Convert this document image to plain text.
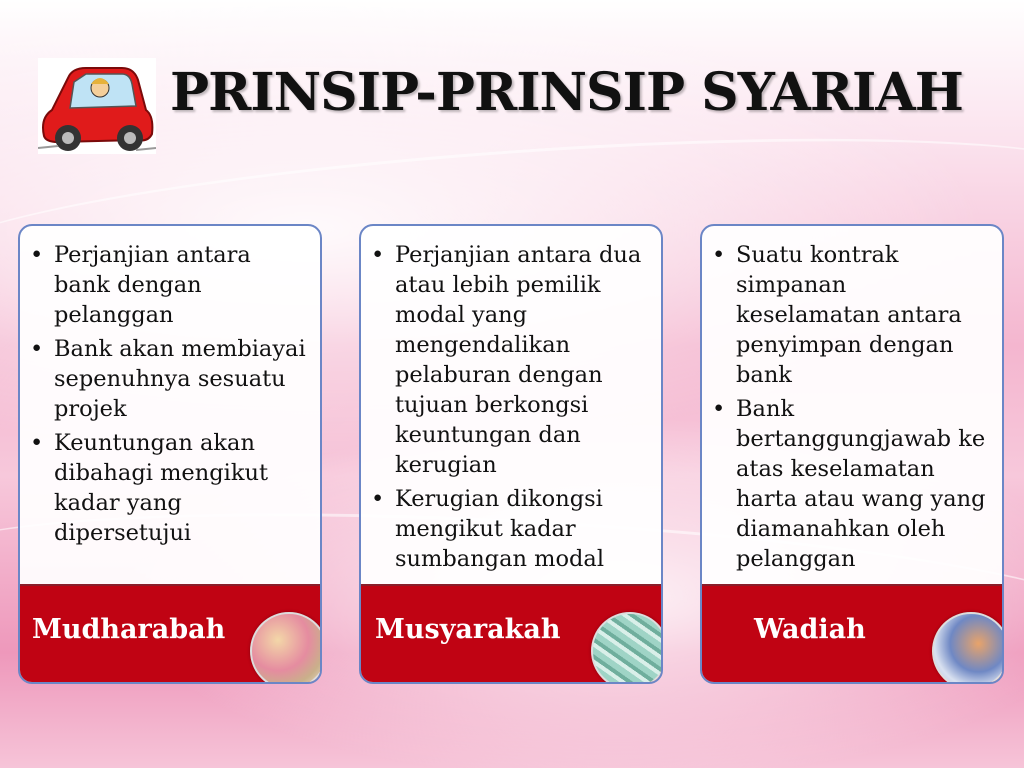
PRINSIP-PRINSIP SYARIAH
• Perjanjian antara bank dengan pelanggan
• Bank akan membiayai sepenuhnya sesuatu projek
• Keuntungan akan dibahagi mengikut kadar yang dipersetujui
Mudharabah
• Perjanjian antara dua atau lebih pemilik modal yang mengendalikan pelaburan dengan tujuan berkongsi keuntungan dan kerugian
• Kerugian dikongsi mengikut kadar sumbangan modal
Musyarakah
• Suatu kontrak simpanan keselamatan antara penyimpan dengan bank
• Bank bertanggungjawab ke atas keselamatan harta atau wang yang diamanahkan oleh pelanggan
Wadiah
